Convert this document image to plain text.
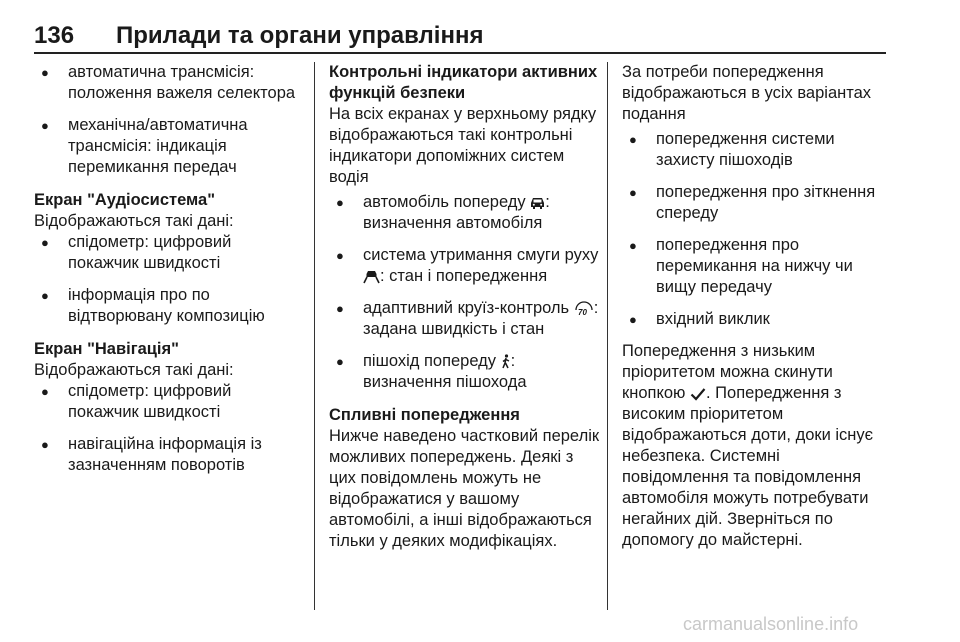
136 Прилади та органи управління
● автоматична трансмісія: положення важеля селектора
● механічна/автоматична трансмісія: індикація перемикання передач

Екран "Аудіосистема"

Відображаються такі дані:

● спідометр: цифровий покажчик швидкості
● інформація про по відтворювану композицію

Екран "Навігація"

Відображаються такі дані:

● спідометр: цифровий покажчик швидкості
● навігаційна інформація із зазначенням поворотів

Контрольні індикатори активних функцій безпеки

На всіх екранах у верхньому рядку відображаються такі контрольні індикатори допоміжних систем водія

● автомобіль попереду : визначення автомобіля
● система утримання смуги руху : стан і попередження
● адаптивний круїз-контроль 70 : задана швидкість і стан
● пішохід попереду : визначення пішохода

Спливні попередження

Нижче наведено частковий перелік можливих попереджень. Деякі з цих повідомлень можуть не відображатися у вашому автомобілі, а інші відображаються тільки у деяких модифікаціях.

За потреби попередження відображаються в усіх варіантах подання

● попередження системи захисту пішоходів
● попередження про зіткнення спереду
● попередження про перемикання на нижчу чи вищу передачу
● вхідний виклик

Попередження з низьким пріоритетом можна скинути кнопкою . Попередження з високим пріоритетом відображаються доти, доки існує небезпека. Системні повідомлення та повідомлення автомобіля можуть потребувати негайних дій. Зверніться по допомогу до майстерні.

carmanualsonline.info
